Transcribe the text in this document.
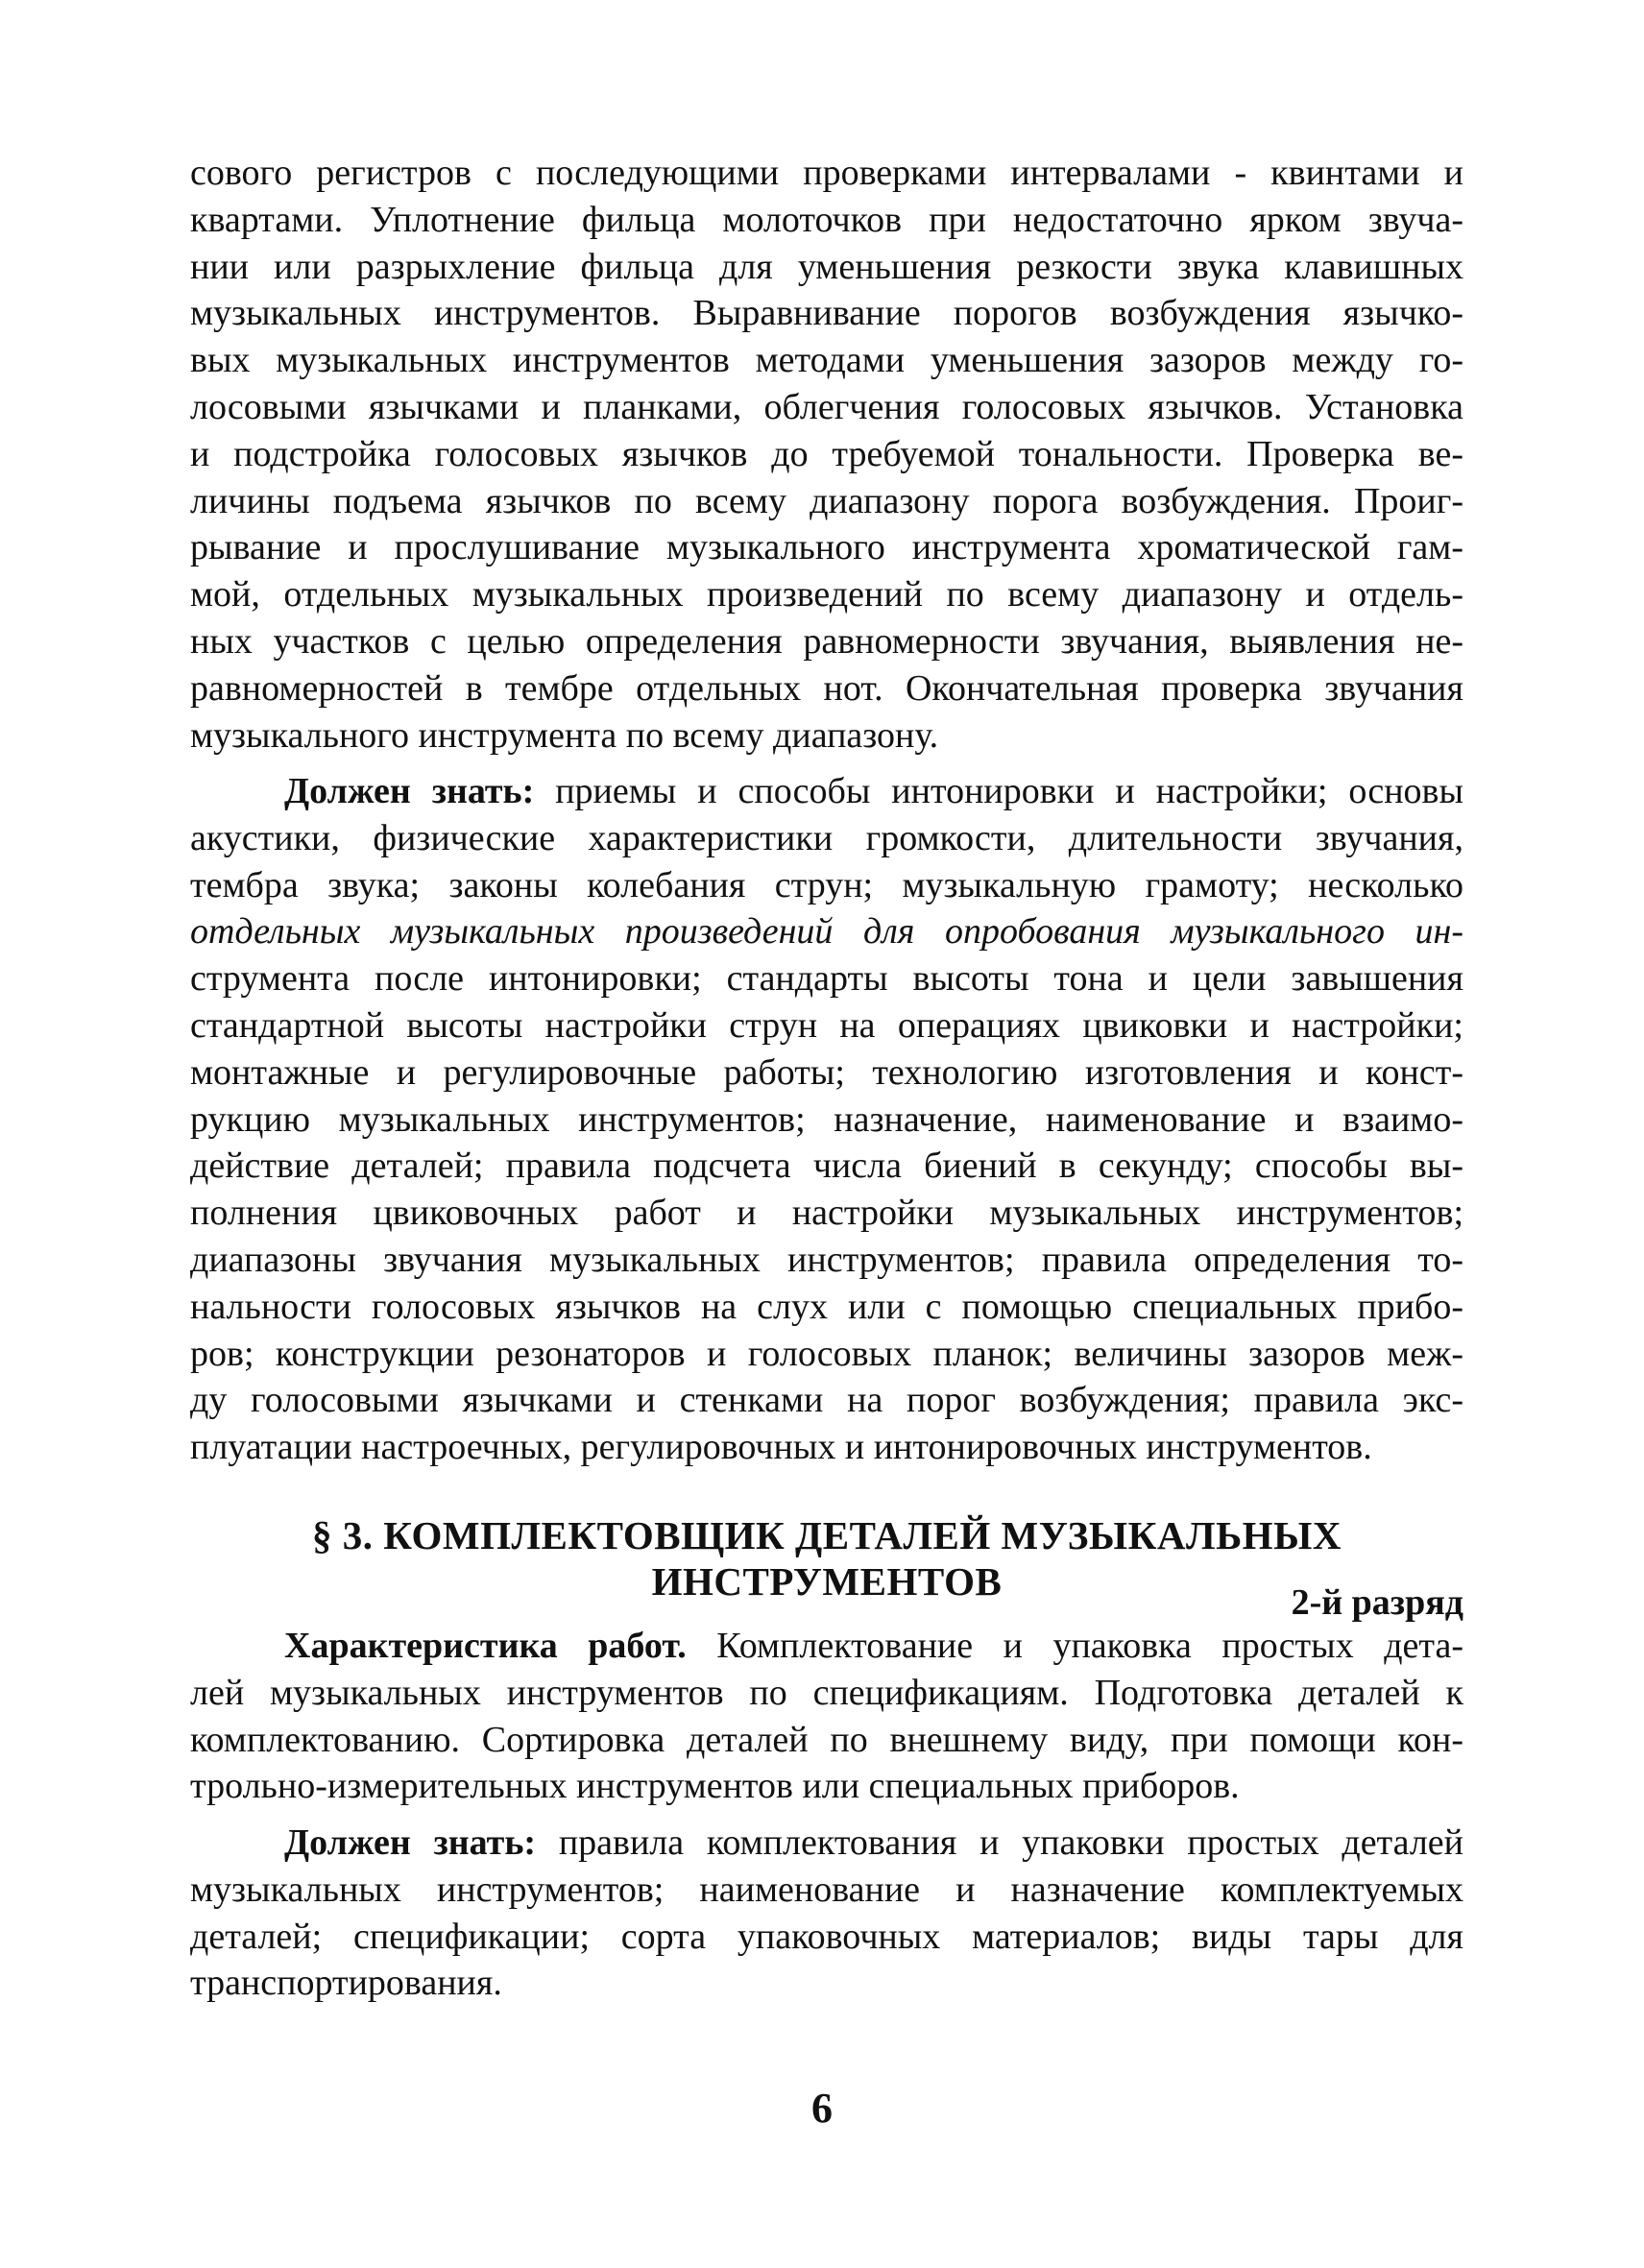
сового регистров с последующими проверками интервалами - квинтами и
квартами. Уплотнение фильца молоточков при недостаточно ярком звуча-
нии или разрыхление фильца для уменьшения резкости звука клавишных
музыкальных инструментов. Выравнивание порогов возбуждения язычко-
вых музыкальных инструментов методами уменьшения зазоров между го-
лосовыми язычками и планками, облегчения голосовых язычков. Установка
и подстройка голосовых язычков до требуемой тональности. Проверка ве-
личины подъема язычков по всему диапазону порога возбуждения. Проиг-
рывание и прослушивание музыкального инструмента хроматической гам-
мой, отдельных музыкальных произведений по всему диапазону и отдель-
ных участков с целью определения равномерности звучания, выявления не-
равномерностей в тембре отдельных нот. Окончательная проверка звучания
музыкального инструмента по всему диапазону.
Должен знать: приемы и способы интонировки и настройки; основы
акустики, физические характеристики громкости, длительности звучания,
тембра звука; законы колебания струн; музыкальную грамоту; несколько
отдельных музыкальных произведений для опробования музыкального ин-
струмента после интонировки; стандарты высоты тона и цели завышения
стандартной высоты настройки струн на операциях цвиковки и настройки;
монтажные и регулировочные работы; технологию изготовления и конст-
рукцию музыкальных инструментов; назначение, наименование и взаимо-
действие деталей; правила подсчета числа биений в секунду; способы вы-
полнения цвиковочных работ и настройки музыкальных инструментов;
диапазоны звучания музыкальных инструментов; правила определения то-
нальности голосовых язычков на слух или с помощью специальных прибо-
ров; конструкции резонаторов и голосовых планок; величины зазоров меж-
ду голосовыми язычками и стенками на порог возбуждения; правила экс-
плуатации настроечных, регулировочных и интонировочных инструментов.
§ 3. КОМПЛЕКТОВЩИК ДЕТАЛЕЙ МУЗЫКАЛЬНЫХ
ИНСТРУМЕНТОВ	2-й разряд
Характеристика работ. Комплектование и упаковка простых дета-
лей музыкальных инструментов по спецификациям. Подготовка деталей к
комплектованию. Сортировка деталей по внешнему виду, при помощи кон-
трольно-измерительных инструментов или специальных приборов.
Должен знать: правила комплектования и упаковки простых деталей
музыкальных инструментов; наименование и назначение комплектуемых
деталей; спецификации; сорта упаковочных материалов; виды тары для
транспортирования.
6
